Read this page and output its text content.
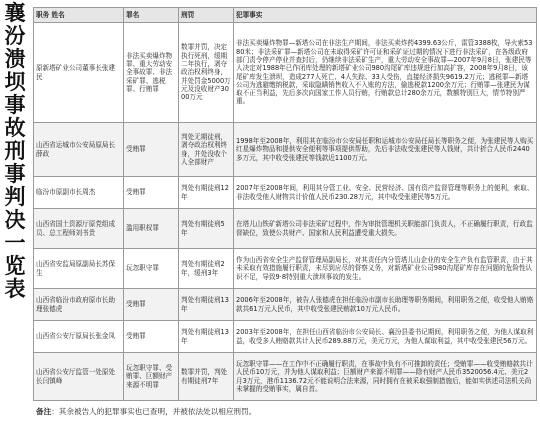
襄
汾
溃
坝
事
故
刑
事
判
决
一
览
表
职务 姓名	罪名	刑罚	犯罪事实
原新塔矿业公司董事长张建民	非法买卖爆炸物罪、重大劳动安全事故罪、非法采矿罪、逃税罪、行贿罪	数罪并罚，决定执行死刑，缓期二年执行，剥夺政治权利终身，并处罚金5000万元及没收财产3000万元	非法买卖爆炸物罪—新塔公司在非法生产期间，非法买卖炸药4399.63公斤，雷管3388枚，导火索5380米；非法采矿罪—新塔公司在未取得采矿许可证和采矿证过期的情况下进行非法采矿，在各级政府部门责令停产停业并查封后，仍继续非法采矿生产，重大劳动安全事故罪—2007年9月8日，张建民等人决定对1988年已作闭库处理的新塔矿业公司980沟尾矿库违规进行加高扩容，2008年9月8日，该尾矿库发生溃坝，造成277人死亡、4人失踪、33人受伤，直接经济损失9619.2万元；逃税罪—新塔公司为逃避缴纳税款，采取隐瞒销售收入不入账的方法，偷逃税款1200余万元；行贿罪—张建民为谋取不正当利益，先后多次向国家工作人员行贿，行贿款总计280余万元，数额特别巨大，情节特别严重。
山西省运城市公安局原局长薛政	受贿罪	判处无期徒刑，剥夺政治权利终身，并处没收个人全部财产	1998年至2008年，利用其在临汾市公安局任职和运城市公安局任局长等职务之便，为张建民等人购买红星爆炸物品和提供安全便利等事项提供帮助，先后非法收受张建民等人钱财，共计折合人民币2440多万元，其中收受张建民等钱款近1100万元。
临汾市原副市长周杰	受贿罪	判处有期徒刑12年	2007年至2008年间，利用其分管工业、安全、民营经济、国有资产监督管理等职务上的便利，索取、非法收受他人财物共计价值人民币230.28万元，其中收受张建民等5万元。
山西省国土资源厅原党组成员、总工程师刘书贵	滥用职权罪	判处有期徒刑5年	在塔儿山铁矿新塔公司非法采矿过程中，作为审批管理机关职能部门负责人，不正确履行职责，行政监督缺位，致使公共财产、国家和人民利益遭受重大损失。
山西省安监局原副局长苏保生	玩忽职守罪	判处有期徒刑2年，缓刑3年	作为山西省安全生产监督管理局副局长，对其责任内分管塔儿山企业的安全生产负有监管职责，由于其未采取有效措施履行职责，未尽到应尽的督察义务，对新塔矿业公司980沟尾矿库存在问题的危险性认识不足，导致9·8特别重大溃坝事故的发生。
山西省临汾市政府原市长助理张德虎	受贿罪	判处有期徒刑13年	2006年至2008年，被告人张德虎在担任临汾市副市长助理等职务期间，利用职务之便，收受他人贿赂款共61万元人民币，其中收受张建民贿款10万元人民币。
山西省公安厅原局长张金凤	受贿罪	判处有期徒刑13年	2003年至2008年，在担任山西省临汾市公安局长、襄汾县委书记期间，利用职务之便，为他人谋取利益，收受多人贿赂款共计人民币289.88万元，美元万元，为他人谋取利益，其中收受张建民56万元。
山西省公安厅监管一处原处长闫镇峰	玩忽职守罪、受贿罪、巨额财产来源不明罪	数罪并罚，判处有期徒刑7年	玩忽职守罪——在工作中不正确履行职责，在事故中负有不可推卸的责任；受贿罪——收受贿赂款共计人民币10万元，并为他人谋取利益；巨额财产来源不明罪——除有财产人民币3520056.4元、美元2月3万元，港币1136.72元不能说明合法来源，同时拥有在被采取强制措施后，能如实供述司法机关尚未掌握的受贿事实，属自首。
备注：其余被告人的犯罪事实也已查明，并被依法处以相应刑罚。
